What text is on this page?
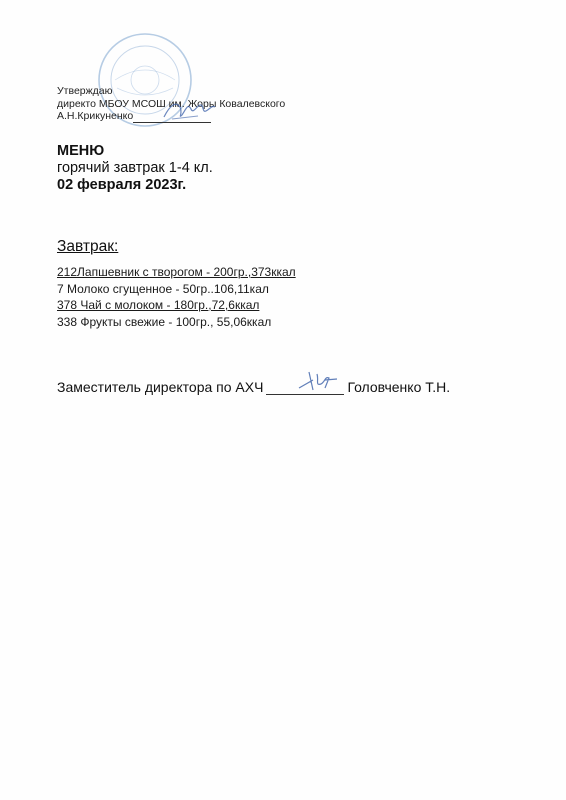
Утверждаю
директо МБОУ МСОШ им. Жоры Ковалевского
А.Н.Крикуненко
МЕНЮ
горячий завтрак 1-4 кл.
02 февраля 2023г.
Завтрак:
212Лапшевник с творогом - 200гр.,373ккал
7 Молоко сгущенное - 50гр..106,11кал
378 Чай с молоком - 180гр.,72,6ккал
338 Фрукты свежие - 100гр., 55,06ккал
Заместитель директора по АХЧ	Головченко Т.Н.
